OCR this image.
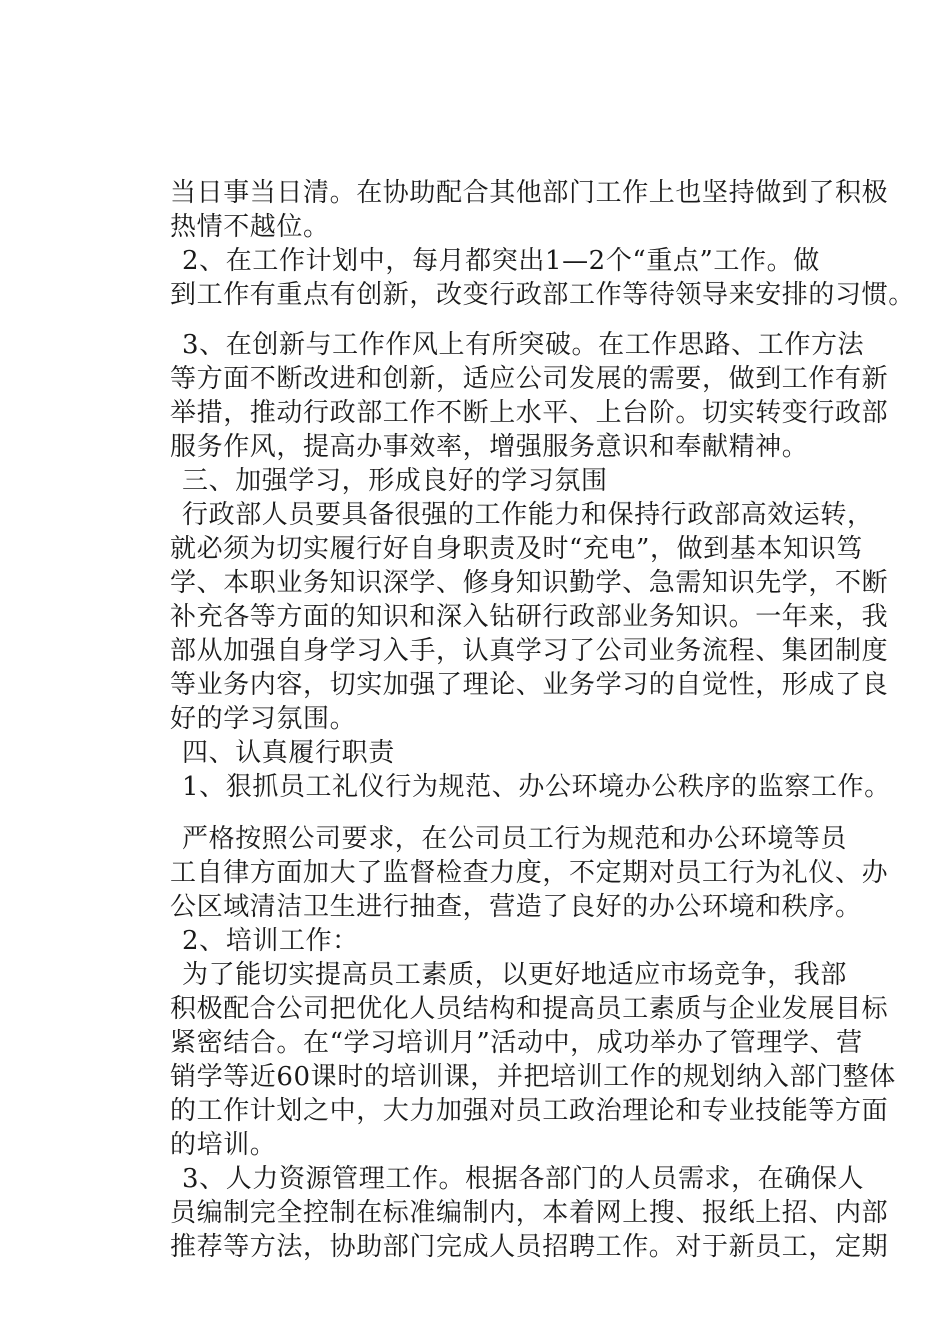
当日事当日清。在协助配合其他部门工作上也坚持做到了积极
热情不越位。
2、在工作计划中，每月都突出1—2个“重点”工作。做
到工作有重点有创新，改变行政部工作等待领导来安排的习惯。
3、在创新与工作作风上有所突破。在工作思路、工作方法
等方面不断改进和创新，适应公司发展的需要，做到工作有新
举措，推动行政部工作不断上水平、上台阶。切实转变行政部
服务作风，提高办事效率，增强服务意识和奉献精神。
三、加强学习，形成良好的学习氛围
行政部人员要具备很强的工作能力和保持行政部高效运转，
就必须为切实履行好自身职责及时“充电”，做到基本知识笃
学、本职业务知识深学、修身知识勤学、急需知识先学，不断
补充各等方面的知识和深入钻研行政部业务知识。一年来，我
部从加强自身学习入手，认真学习了公司业务流程、集团制度
等业务内容，切实加强了理论、业务学习的自觉性，形成了良
好的学习氛围。
四、认真履行职责
1、狠抓员工礼仪行为规范、办公环境办公秩序的监察工作。
严格按照公司要求，在公司员工行为规范和办公环境等员
工自律方面加大了监督检查力度，不定期对员工行为礼仪、办
公区域清洁卫生进行抽查，营造了良好的办公环境和秩序。
2、培训工作：
为了能切实提高员工素质，以更好地适应市场竞争，我部
积极配合公司把优化人员结构和提高员工素质与企业发展目标
紧密结合。在“学习培训月”活动中，成功举办了管理学、营
销学等近60课时的培训课，并把培训工作的规划纳入部门整体
的工作计划之中，大力加强对员工政治理论和专业技能等方面
的培训。
3、人力资源管理工作。根据各部门的人员需求，在确保人
员编制完全控制在标准编制内，本着网上搜、报纸上招、内部
推荐等方法，协助部门完成人员招聘工作。对于新员工，定期
